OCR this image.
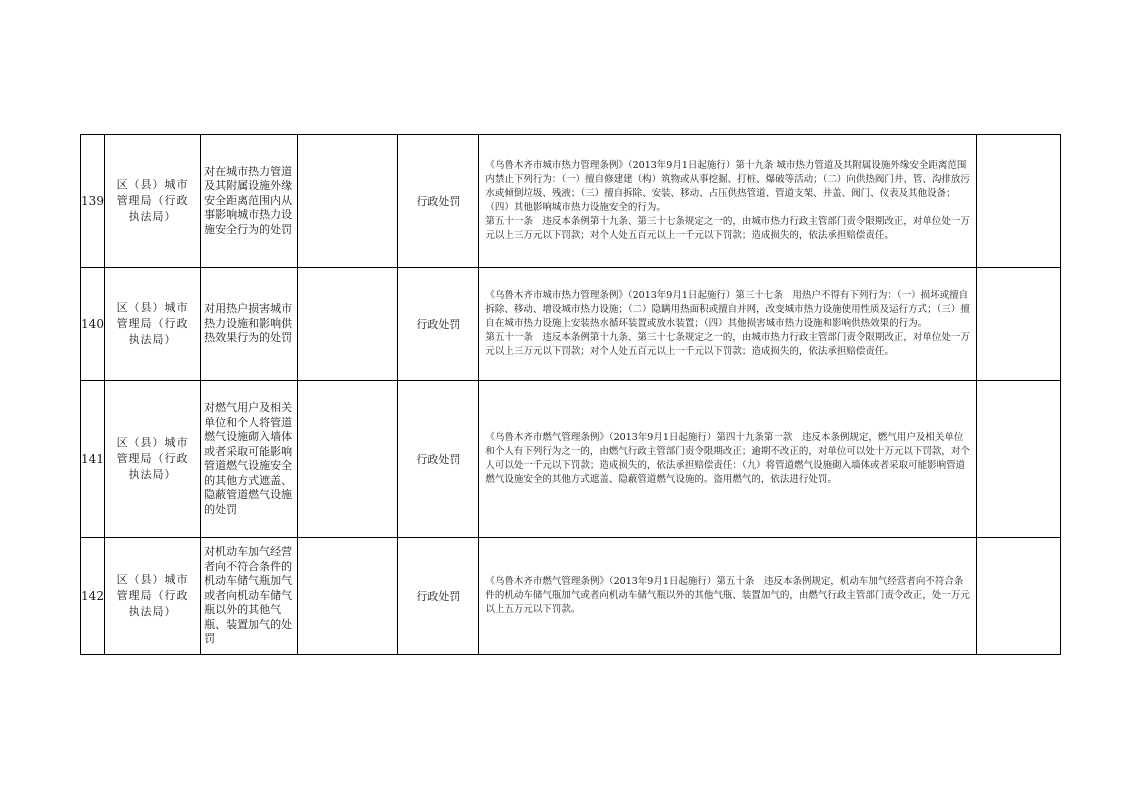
139	区（县）城市管理局（行政执法局）	对在城市热力管道及其附属设施外缘安全距离范围内从事影响城市热力设施安全行为的处罚		行政处罚	《乌鲁木齐市城市热力管理条例》（2013年9月1日起施行）第十九条 城市热力管道及其附属设施外缘安全距离范围内禁止下列行为：（一）擅自修建建（构）筑物或从事挖掘、打桩、爆破等活动；（二）向供热阀门井、管、沟排放污水或倾倒垃圾、残液；（三）擅自拆除、安装、移动、占压供热管道、管道支架、井盖、阀门、仪表及其他设备；（四）其他影响城市热力设施安全的行为。
第五十一条　违反本条例第十九条、第三十七条规定之一的，由城市热力行政主管部门责令限期改正，对单位处一万元以上三万元以下罚款；对个人处五百元以上一千元以下罚款；造成损失的，依法承担赔偿责任。	

140	区（县）城市管理局（行政执法局）	对用热户损害城市热力设施和影响供热效果行为的处罚		行政处罚	《乌鲁木齐市城市热力管理条例》（2013年9月1日起施行）第三十七条　用热户不得有下列行为：（一）损坏或擅自拆除、移动、增设城市热力设施；（二）隐瞒用热面积或擅自并网，改变城市热力设施使用性质及运行方式；（三）擅自在城市热力设施上安装热水循环装置或放水装置；（四）其他损害城市热力设施和影响供热效果的行为。
第五十一条　违反本条例第十九条、第三十七条规定之一的，由城市热力行政主管部门责令限期改正，对单位处一万元以上三万元以下罚款；对个人处五百元以上一千元以下罚款；造成损失的，依法承担赔偿责任。	

141	区（县）城市管理局（行政执法局）	对燃气用户及相关单位和个人将管道燃气设施砌入墙体或者采取可能影响管道燃气设施安全的其他方式遮盖、隐蔽管道燃气设施的处罚		行政处罚	《乌鲁木齐市燃气管理条例》（2013年9月1日起施行）第四十九条第一款　违反本条例规定，燃气用户及相关单位和个人有下列行为之一的，由燃气行政主管部门责令限期改正；逾期不改正的，对单位可以处十万元以下罚款，对个人可以处一千元以下罚款；造成损失的，依法承担赔偿责任：（九）将管道燃气设施砌入墙体或者采取可能影响管道燃气设施安全的其他方式遮盖、隐蔽管道燃气设施的。盗用燃气的，依法进行处罚。	

142	区（县）城市管理局（行政执法局）	对机动车加气经营者向不符合条件的机动车储气瓶加气或者向机动车储气瓶以外的其他气瓶、装置加气的处罚		行政处罚	《乌鲁木齐市燃气管理条例》（2013年9月1日起施行）第五十条　违反本条例规定，机动车加气经营者向不符合条件的机动车储气瓶加气或者向机动车储气瓶以外的其他气瓶、装置加气的，由燃气行政主管部门责令改正，处一万元以上五万元以下罚款。	
